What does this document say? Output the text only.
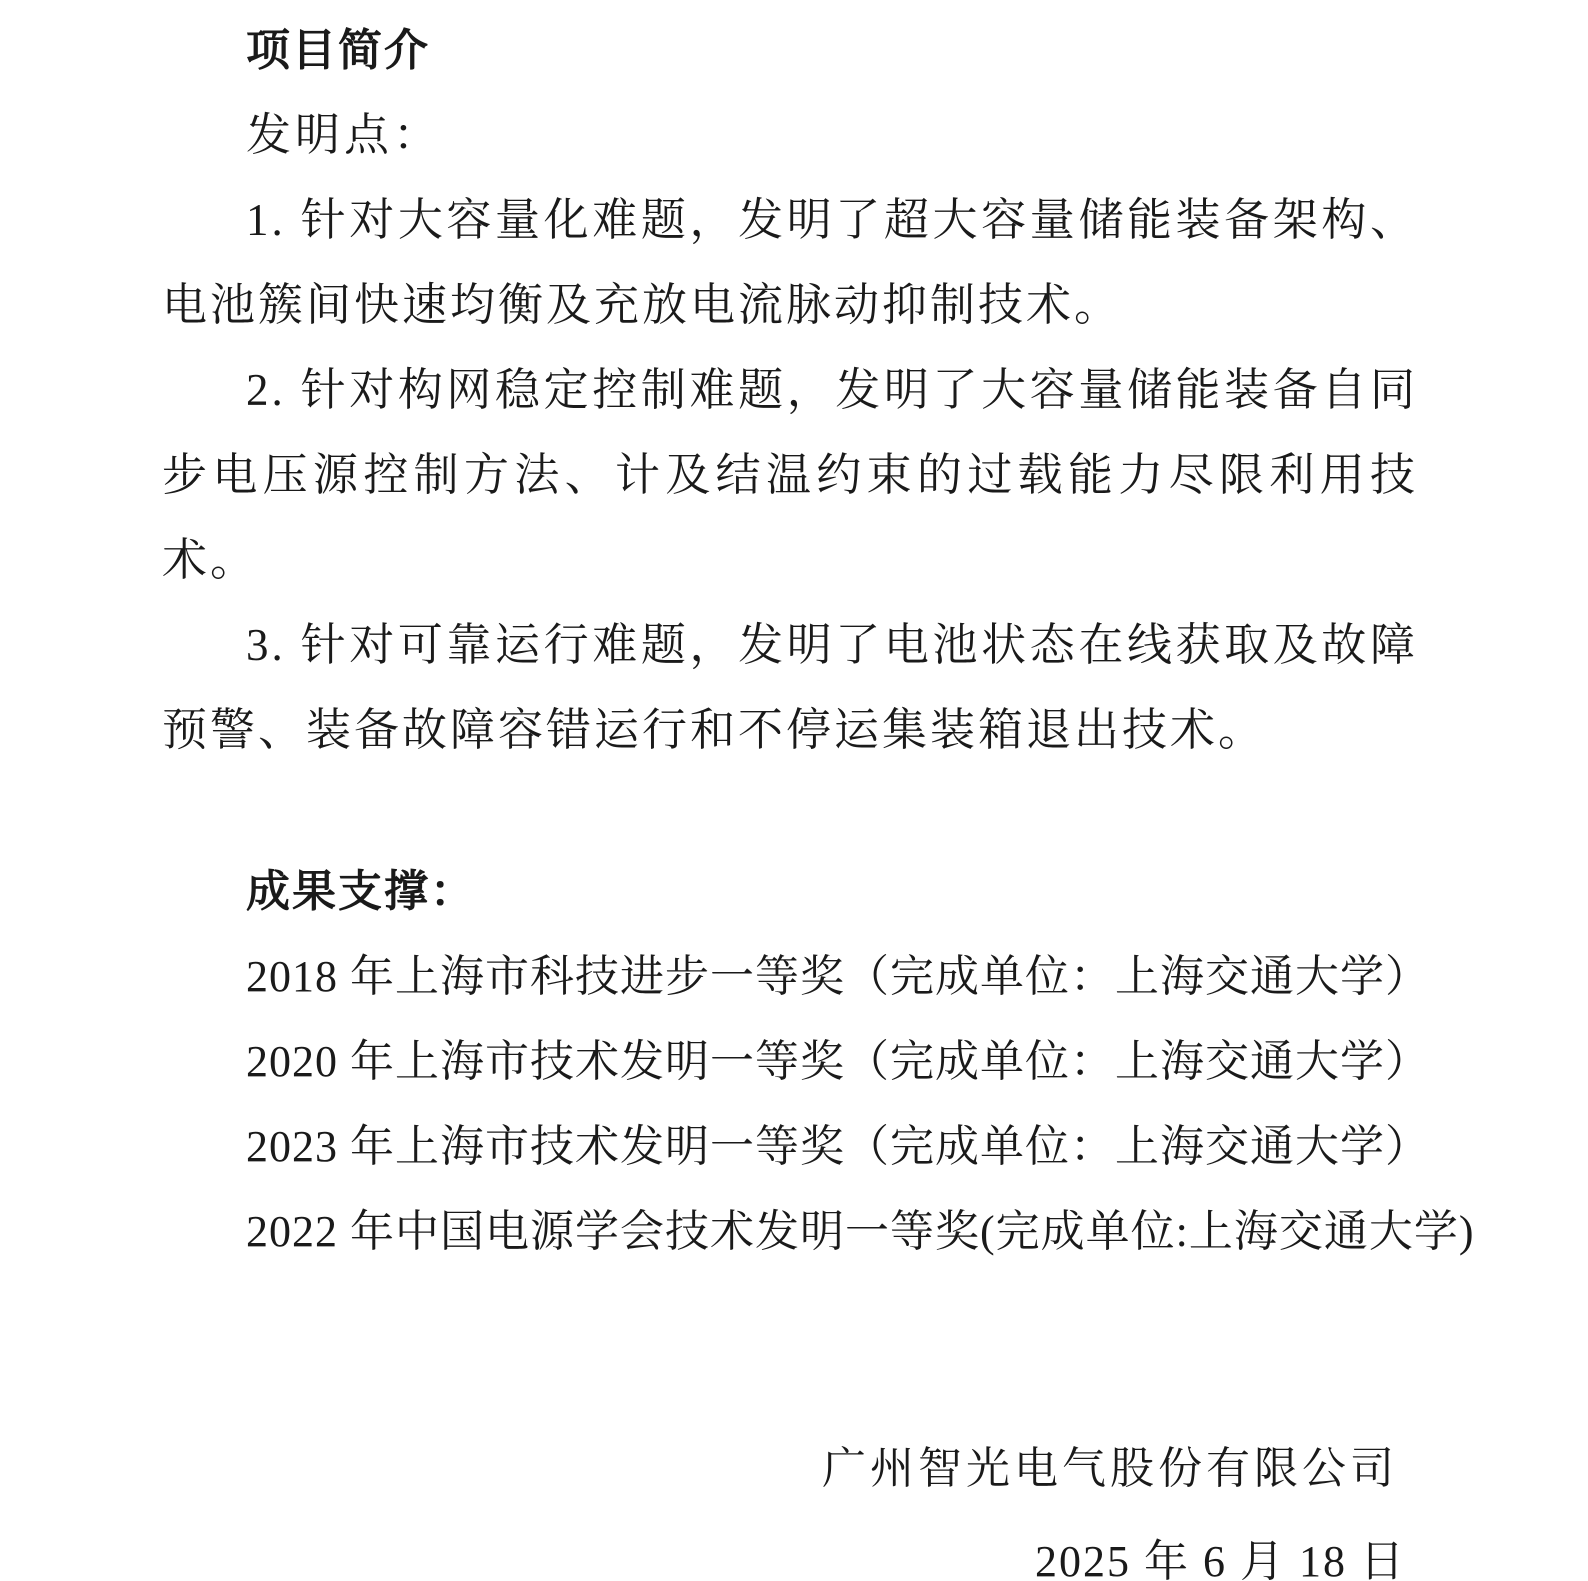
项目简介

发明点：

1. 针对大容量化难题，发明了超大容量储能装备架构、电池簇间快速均衡及充放电流脉动抑制技术。

2. 针对构网稳定控制难题，发明了大容量储能装备自同步电压源控制方法、计及结温约束的过载能力尽限利用技术。

3. 针对可靠运行难题，发明了电池状态在线获取及故障预警、装备故障容错运行和不停运集装箱退出技术。

成果支撑：

2018 年上海市科技进步一等奖（完成单位：上海交通大学）

2020 年上海市技术发明一等奖（完成单位：上海交通大学）

2023 年上海市技术发明一等奖（完成单位：上海交通大学）

2022 年中国电源学会技术发明一等奖(完成单位:上海交通大学)

广州智光电气股份有限公司

2025 年 6 月 18 日
